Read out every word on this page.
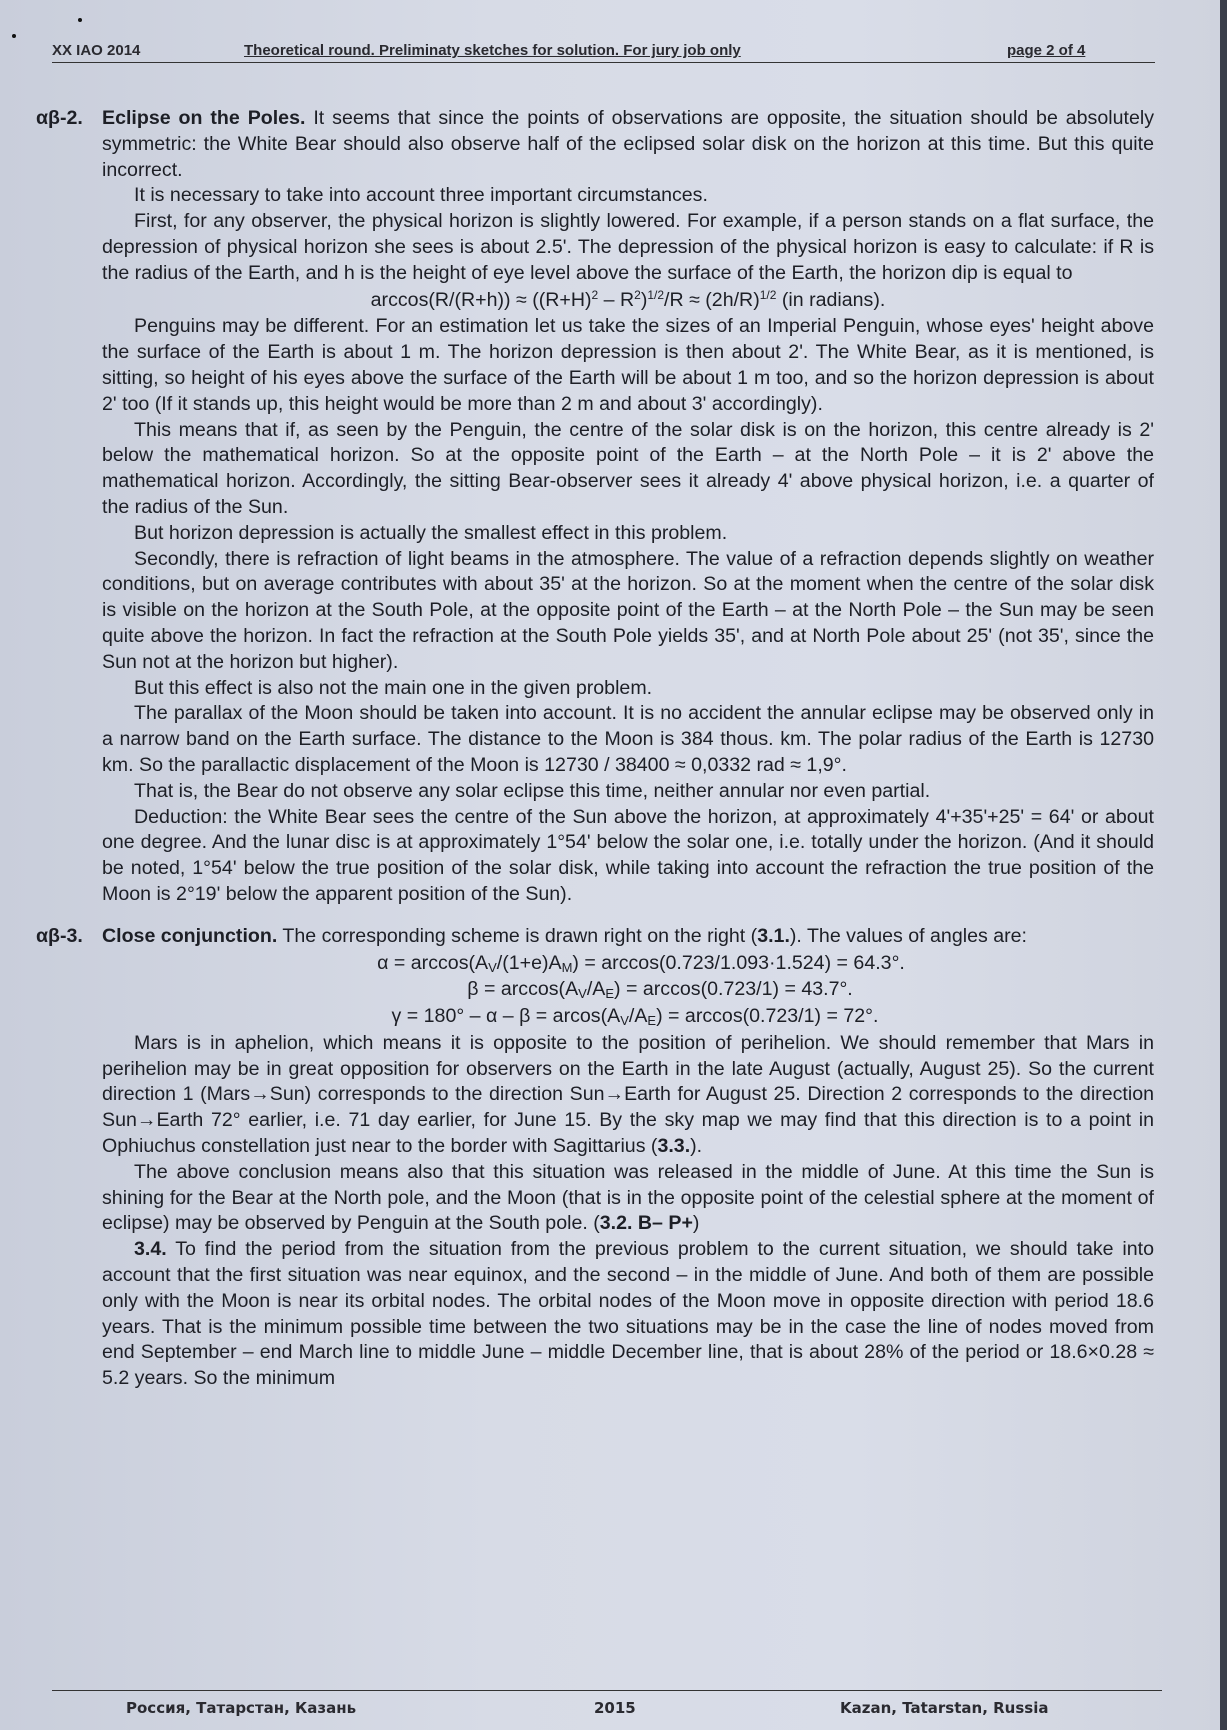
XX IAO 2014	Theoretical round. Preliminaty sketches for solution. For jury job only	page 2 of 4
αβ-2. Eclipse on the Poles. It seems that since the points of observations are opposite, the situation should be absolutely symmetric: the White Bear should also observe half of the eclipsed solar disk on the horizon at this time. But this quite incorrect.

It is necessary to take into account three important circumstances.

First, for any observer, the physical horizon is slightly lowered. For example, if a person stands on a flat surface, the depression of physical horizon she sees is about 2.5'. The depression of the physical horizon is easy to calculate: if R is the radius of the Earth, and h is the height of eye level above the surface of the Earth, the horizon dip is equal to

$\arccos(R/(R+h)) \approx ((R+H)^2 - R^2)^{1/2}/R \approx (2h/R)^{1/2}$ (in radians).

Penguins may be different. For an estimation let us take the sizes of an Imperial Penguin, whose eyes' height above the surface of the Earth is about 1 m. The horizon depression is then about 2'. The White Bear, as it is mentioned, is sitting, so height of his eyes above the surface of the Earth will be about 1 m too, and so the horizon depression is about 2' too (If it stands up, this height would be more than 2 m and about 3' accordingly).

This means that if, as seen by the Penguin, the centre of the solar disk is on the horizon, this centre already is 2' below the mathematical horizon. So at the opposite point of the Earth – at the North Pole – it is 2' above the mathematical horizon. Accordingly, the sitting Bear-observer sees it already 4' above physical horizon, i.e. a quarter of the radius of the Sun.

But horizon depression is actually the smallest effect in this problem.

Secondly, there is refraction of light beams in the atmosphere. The value of a refraction depends slightly on weather conditions, but on average contributes with about 35' at the horizon. So at the moment when the centre of the solar disk is visible on the horizon at the South Pole, at the opposite point of the Earth – at the North Pole – the Sun may be seen quite above the horizon. In fact the refraction at the South Pole yields 35', and at North Pole about 25' (not 35', since the Sun not at the horizon but higher).

But this effect is also not the main one in the given problem.

The parallax of the Moon should be taken into account. It is no accident the annular eclipse may be observed only in a narrow band on the Earth surface. The distance to the Moon is 384 thous. km. The polar radius of the Earth is 12730 km. So the parallactic displacement of the Moon is 12730 / 38400 ≈ 0,0332 rad ≈ 1,9°.

That is, the Bear do not observe any solar eclipse this time, neither annular nor even partial.

Deduction: the White Bear sees the centre of the Sun above the horizon, at approximately 4'+35'+25' = 64' or about one degree. And the lunar disc is at approximately 1°54' below the solar one, i.e. totally under the horizon. (And it should be noted, 1°54' below the true position of the solar disk, while taking into account the refraction the true position of the Moon is 2°19' below the apparent position of the Sun).

αβ-3. Close conjunction. The corresponding scheme is drawn right on the right (3.1.). The values of angles are:

$\alpha = \arccos(A_V/(1+e)A_M) = \arccos(0.723/1.093\cdot 1.524) = 64.3^\circ$.
$\beta = \arccos(A_V/A_E) = \arccos(0.723/1) = 43.7^\circ$.
$\gamma = 180^\circ - \alpha - \beta = arcos(A_V/A_E) = \arccos(0.723/1) = 72^\circ$.

Mars is in aphelion, which means it is opposite to the position of perihelion. We should remember that Mars in perihelion may be in great opposition for observers on the Earth in the late August (actually, August 25). So the current direction 1 (Mars→Sun) corresponds to the direction Sun→Earth for August 25. Direction 2 corresponds to the direction Sun→Earth 72° earlier, i.e. 71 day earlier, for June 15. By the sky map we may find that this direction is to a point in Ophiuchus constellation just near to the border with Sagittarius (3.3.).

The above conclusion means also that this situation was released in the middle of June. At this time the Sun is shining for the Bear at the North pole, and the Moon (that is in the opposite point of the celestial sphere at the moment of eclipse) may be observed by Penguin at the South pole. (3.2. B– P+)

3.4. To find the period from the situation from the previous problem to the current situation, we should take into account that the first situation was near equinox, and the second – in the middle of June. And both of them are possible only with the Moon is near its orbital nodes. The orbital nodes of the Moon move in opposite direction with period 18.6 years. That is the minimum possible time between the two situations may be in the case the line of nodes moved from end September – end March line to middle June – middle December line, that is about 28% of the period or 18.6×0.28 ≈ 5.2 years. So the minimum

Россия, Татарстан, Казань	2015	Kazan, Tatarstan, Russia
